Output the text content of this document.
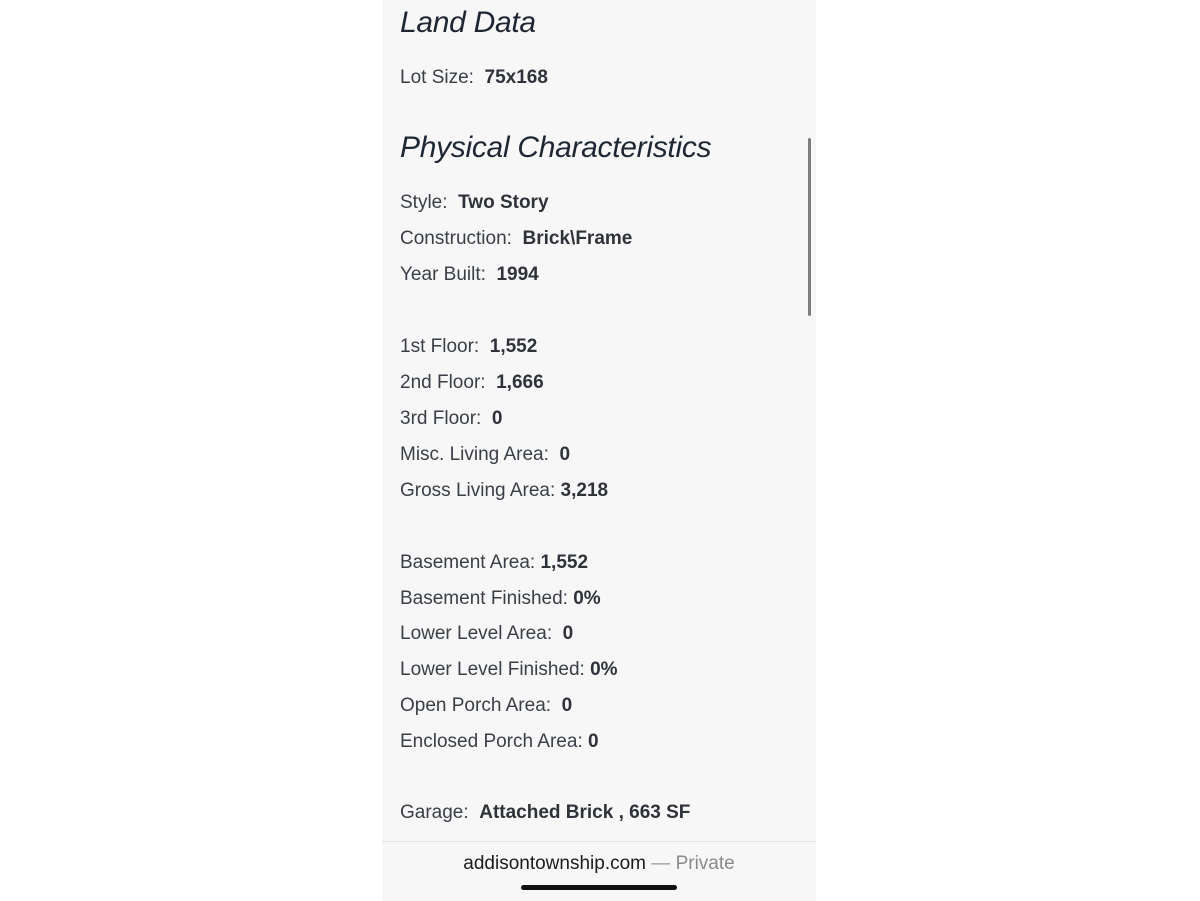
Land Data
Lot Size: 75x168
Physical Characteristics
Style: Two Story
Construction: Brick\Frame
Year Built: 1994
1st Floor: 1,552
2nd Floor: 1,666
3rd Floor: 0
Misc. Living Area: 0
Gross Living Area: 3,218
Basement Area: 1,552
Basement Finished: 0%
Lower Level Area: 0
Lower Level Finished: 0%
Open Porch Area: 0
Enclosed Porch Area: 0
Garage: Attached Brick , 663 SF
addisontownship.com — Private
